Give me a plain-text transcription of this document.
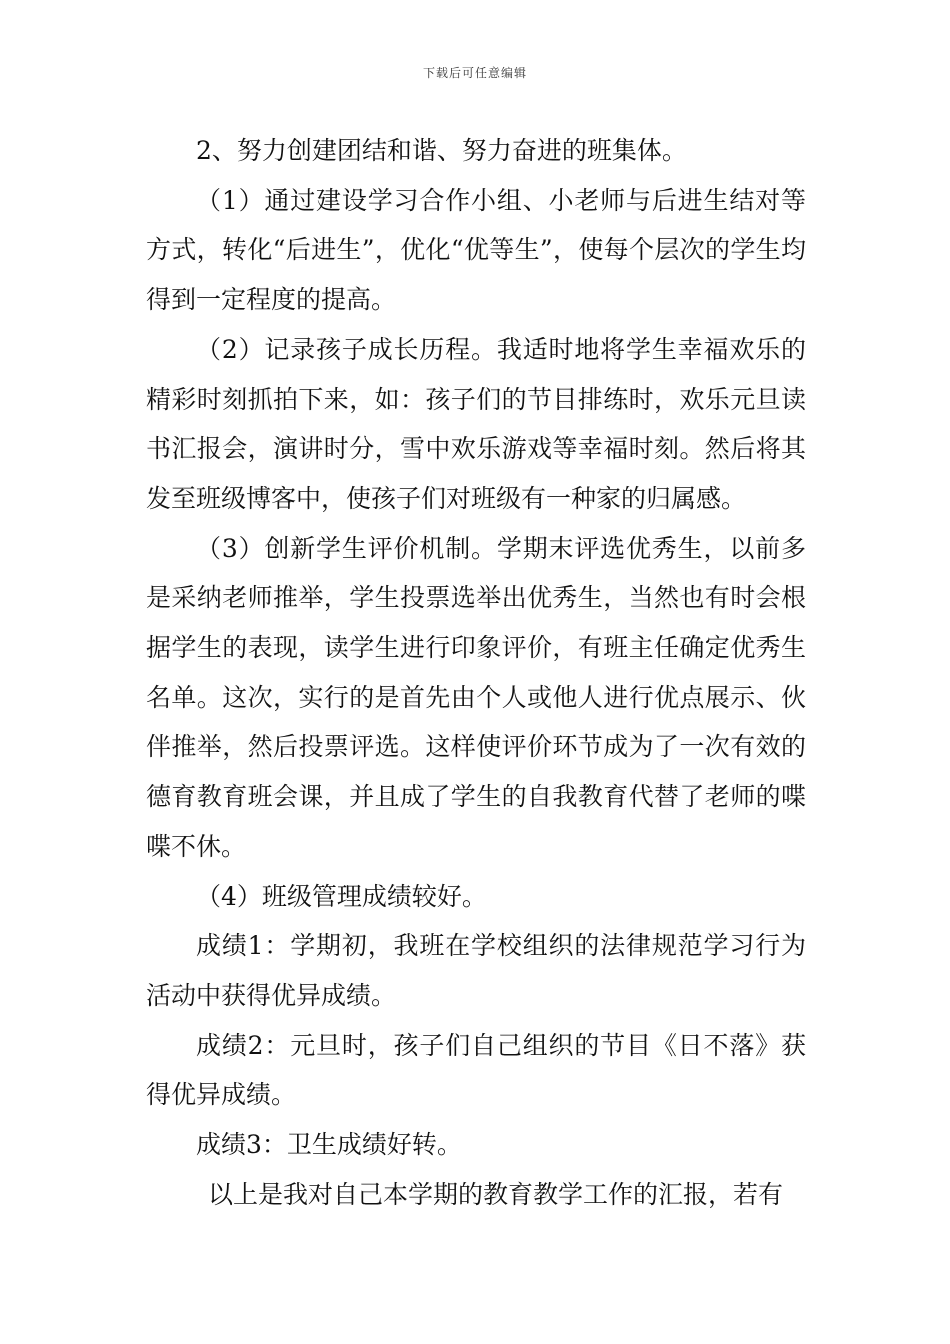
下载后可任意编辑

2、努力创建团结和谐、努力奋进的班集体。

（1）通过建设学习合作小组、小老师与后进生结对等方式，转化“后进生”，优化“优等生”，使每个层次的学生均得到一定程度的提高。

（2）记录孩子成长历程。我适时地将学生幸福欢乐的精彩时刻抓拍下来，如：孩子们的节目排练时，欢乐元旦读书汇报会，演讲时分，雪中欢乐游戏等幸福时刻。然后将其发至班级博客中，使孩子们对班级有一种家的归属感。

（3）创新学生评价机制。学期末评选优秀生，以前多是采纳老师推举，学生投票选举出优秀生，当然也有时会根据学生的表现，读学生进行印象评价，有班主任确定优秀生名单。这次，实行的是首先由个人或他人进行优点展示、伙伴推举，然后投票评选。这样使评价环节成为了一次有效的德育教育班会课，并且成了学生的自我教育代替了老师的喋喋不休。

（4）班级管理成绩较好。

成绩1：学期初，我班在学校组织的法律规范学习行为活动中获得优异成绩。

成绩2：元旦时，孩子们自己组织的节目《日不落》获得优异成绩。

成绩3：卫生成绩好转。

以上是我对自己本学期的教育教学工作的汇报，若有
